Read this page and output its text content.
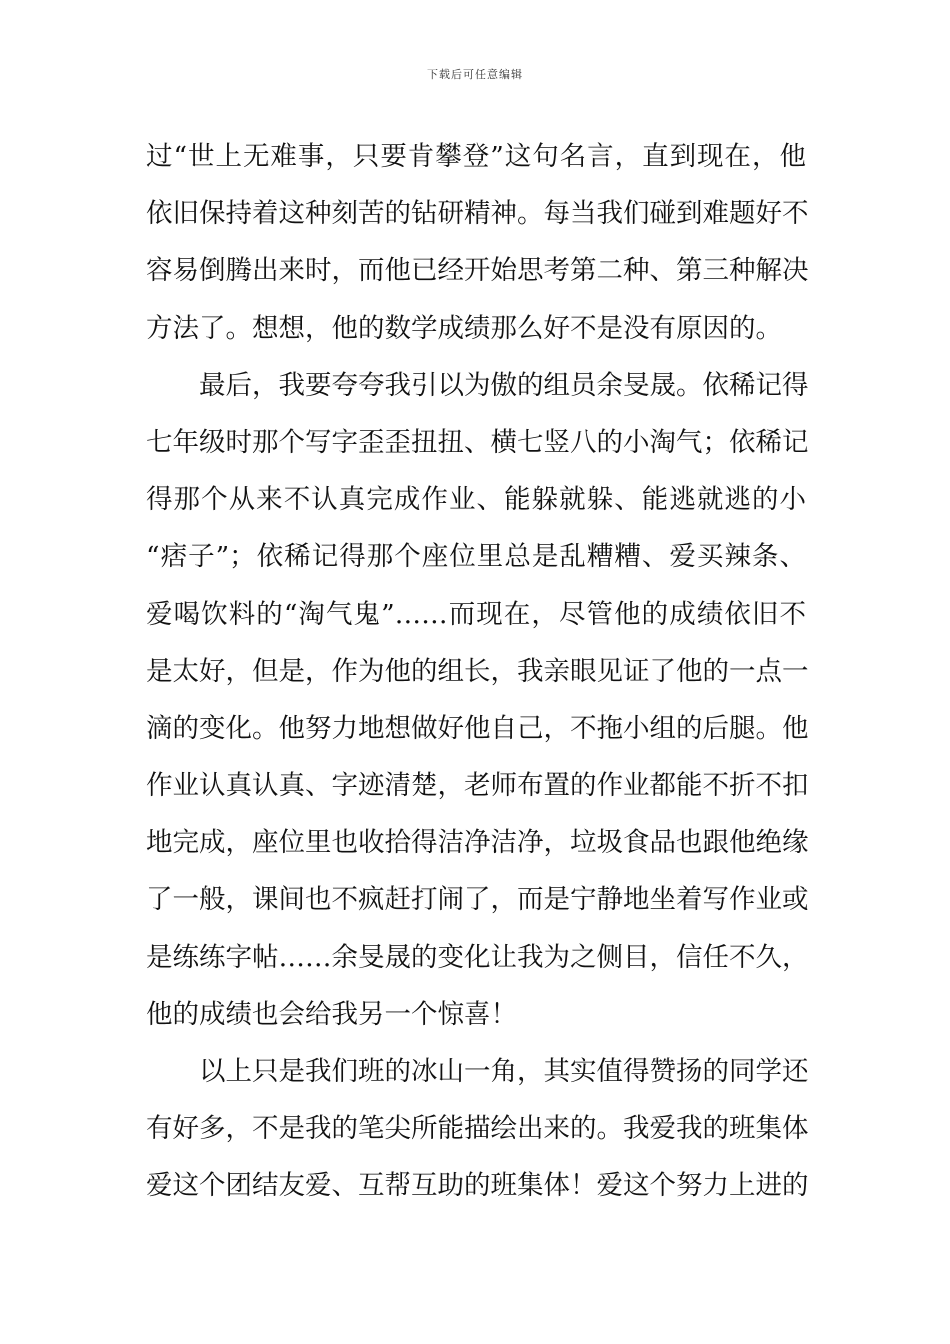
下载后可任意编辑
过“世上无难事，只要肯攀登”这句名言，直到现在，他
依旧保持着这种刻苦的钻研精神。每当我们碰到难题好不
容易倒腾出来时，而他已经开始思考第二种、第三种解决
方法了。想想，他的数学成绩那么好不是没有原因的。
最后，我要夸夸我引以为傲的组员余旻晟。依稀记得
七年级时那个写字歪歪扭扭、横七竖八的小淘气；依稀记
得那个从来不认真完成作业、能躲就躲、能逃就逃的小
“痞子”；依稀记得那个座位里总是乱糟糟、爱买辣条、
爱喝饮料的“淘气鬼”……而现在，尽管他的成绩依旧不
是太好，但是，作为他的组长，我亲眼见证了他的一点一
滴的变化。他努力地想做好他自己，不拖小组的后腿。他
作业认真认真、字迹清楚，老师布置的作业都能不折不扣
地完成，座位里也收拾得洁净洁净，垃圾食品也跟他绝缘
了一般，课间也不疯赶打闹了，而是宁静地坐着写作业或
是练练字帖……余旻晟的变化让我为之侧目，信任不久，
他的成绩也会给我另一个惊喜！
以上只是我们班的冰山一角，其实值得赞扬的同学还
有好多，不是我的笔尖所能描绘出来的。我爱我的班集体
爱这个团结友爱、互帮互助的班集体！爱这个努力上进的
